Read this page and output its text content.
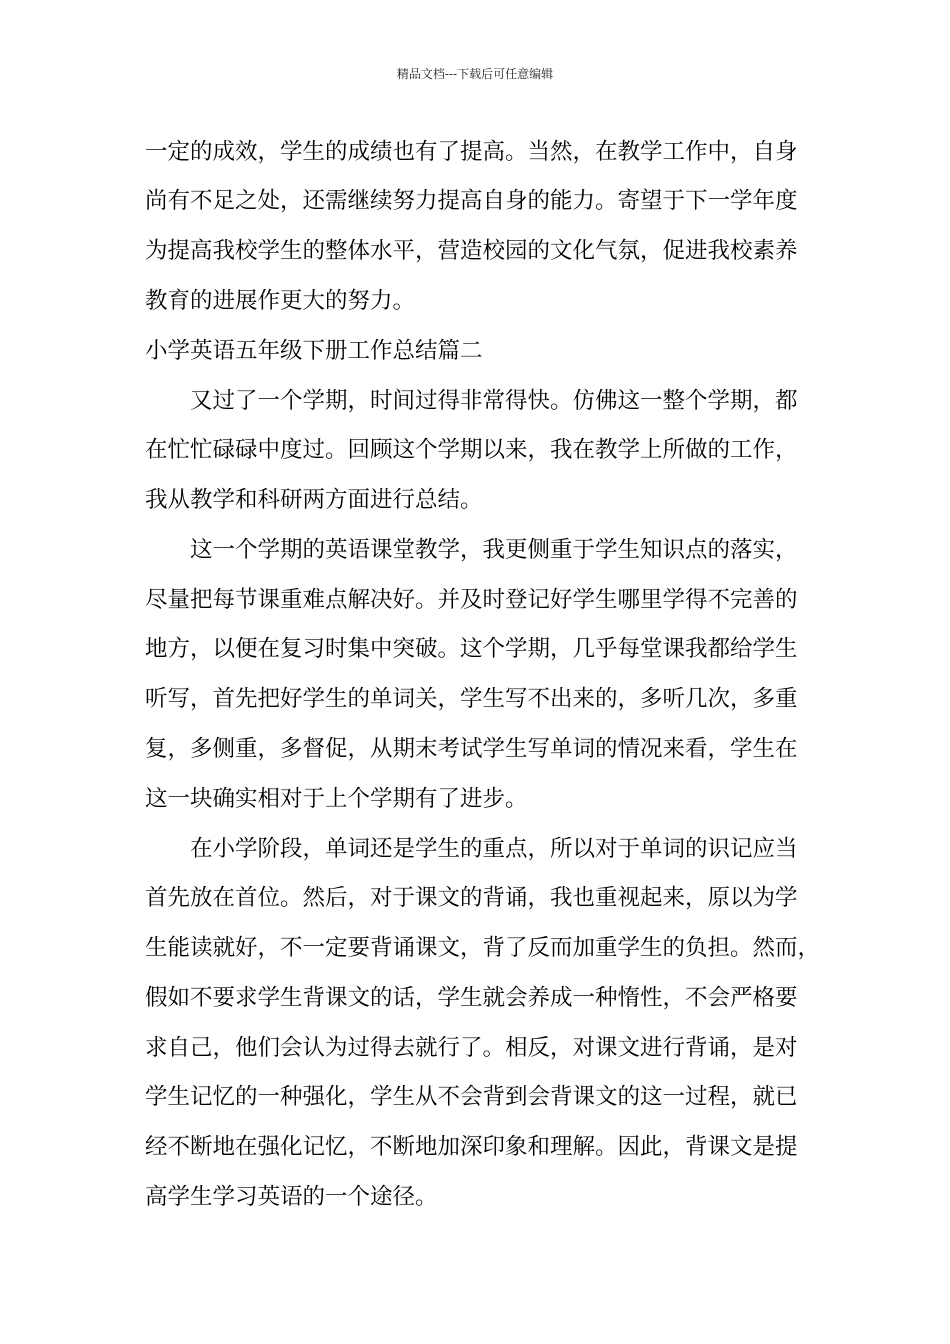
精品文档---下载后可任意编辑
一定的成效，学生的成绩也有了提高。当然，在教学工作中，自身
尚有不足之处，还需继续努力提高自身的能力。寄望于下一学年度
为提高我校学生的整体水平，营造校园的文化气氛，促进我校素养
教育的进展作更大的努力。
小学英语五年级下册工作总结篇二
又过了一个学期，时间过得非常得快。仿佛这一整个学期，都
在忙忙碌碌中度过。回顾这个学期以来，我在教学上所做的工作，
我从教学和科研两方面进行总结。
这一个学期的英语课堂教学，我更侧重于学生知识点的落实，
尽量把每节课重难点解决好。并及时登记好学生哪里学得不完善的
地方，以便在复习时集中突破。这个学期，几乎每堂课我都给学生
听写，首先把好学生的单词关，学生写不出来的，多听几次，多重
复，多侧重，多督促，从期末考试学生写单词的情况来看，学生在
这一块确实相对于上个学期有了进步。
在小学阶段，单词还是学生的重点，所以对于单词的识记应当
首先放在首位。然后，对于课文的背诵，我也重视起来，原以为学
生能读就好，不一定要背诵课文，背了反而加重学生的负担。然而，
假如不要求学生背课文的话，学生就会养成一种惰性，不会严格要
求自己，他们会认为过得去就行了。相反，对课文进行背诵，是对
学生记忆的一种强化，学生从不会背到会背课文的这一过程，就已
经不断地在强化记忆，不断地加深印象和理解。因此，背课文是提
高学生学习英语的一个途径。
